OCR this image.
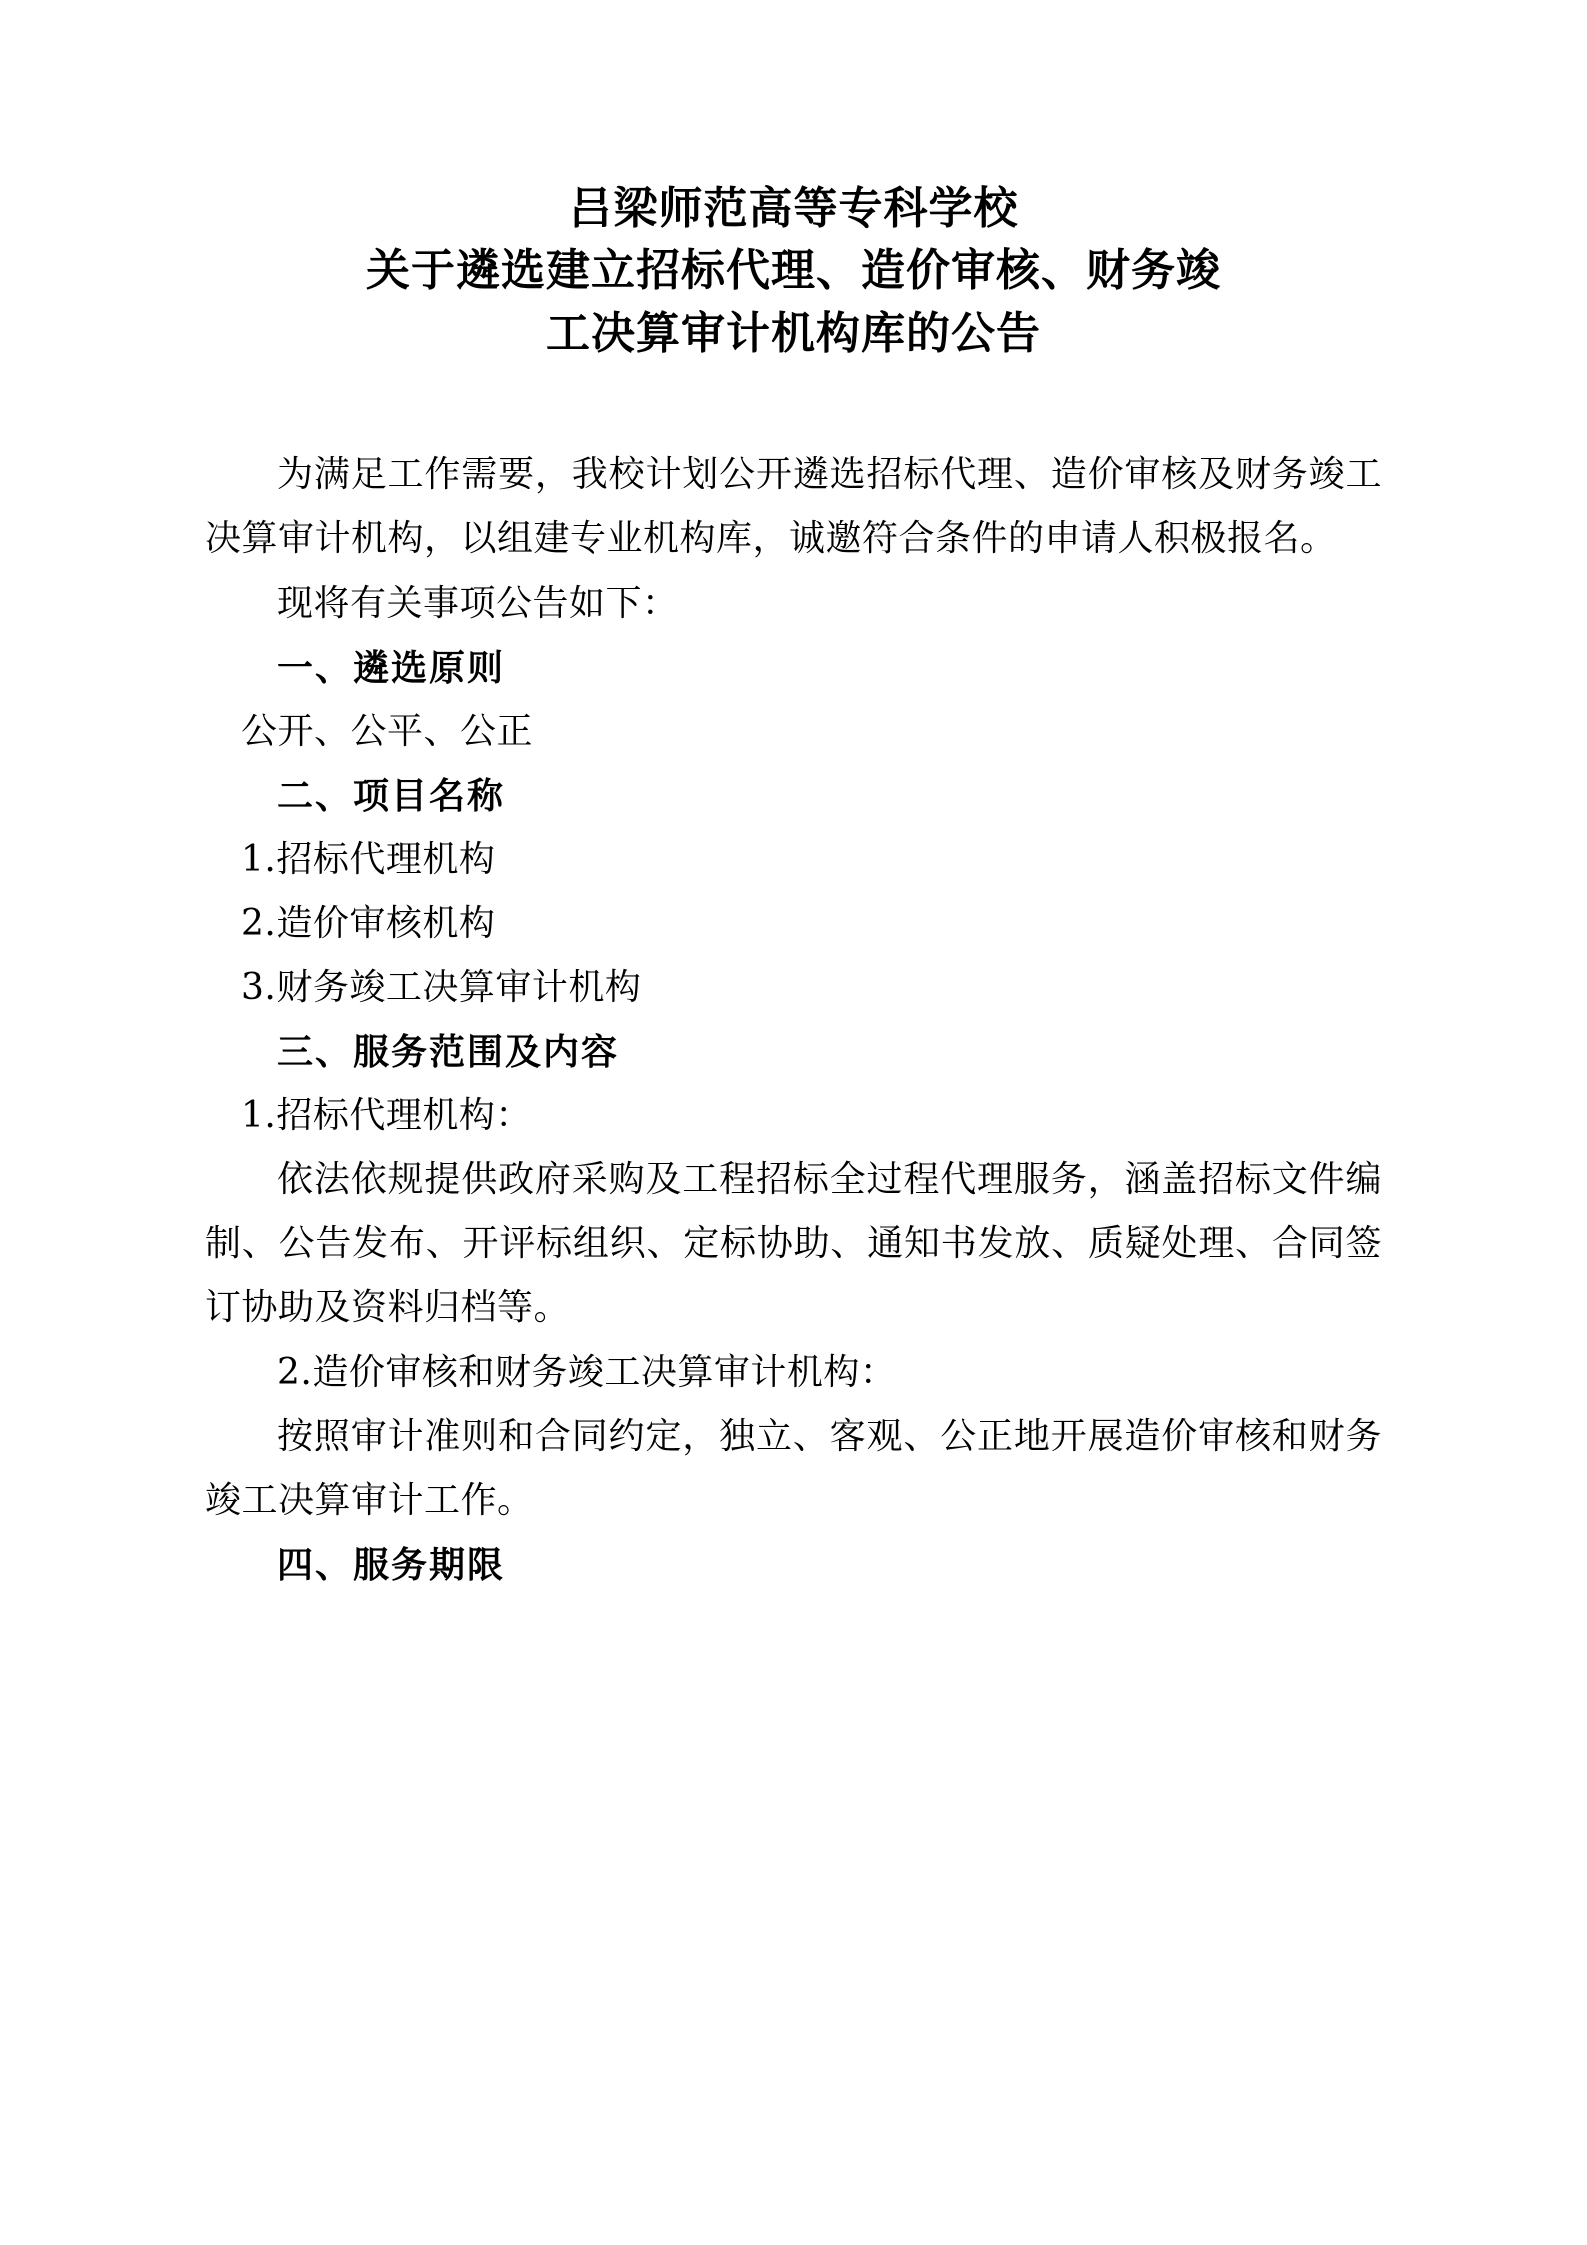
吕梁师范高等专科学校
关于遴选建立招标代理、造价审核、财务竣
工决算审计机构库的公告

为满足工作需要，我校计划公开遴选招标代理、造价审核及财务竣工决算审计机构，以组建专业机构库，诚邀符合条件的申请人积极报名。

现将有关事项公告如下：

一、遴选原则

公开、公平、公正

二、项目名称

1.招标代理机构

2.造价审核机构

3.财务竣工决算审计机构

三、服务范围及内容

1.招标代理机构：

依法依规提供政府采购及工程招标全过程代理服务，涵盖招标文件编制、公告发布、开评标组织、定标协助、通知书发放、质疑处理、合同签订协助及资料归档等。

2.造价审核和财务竣工决算审计机构：

按照审计准则和合同约定，独立、客观、公正地开展造价审核和财务竣工决算审计工作。

四、服务期限
